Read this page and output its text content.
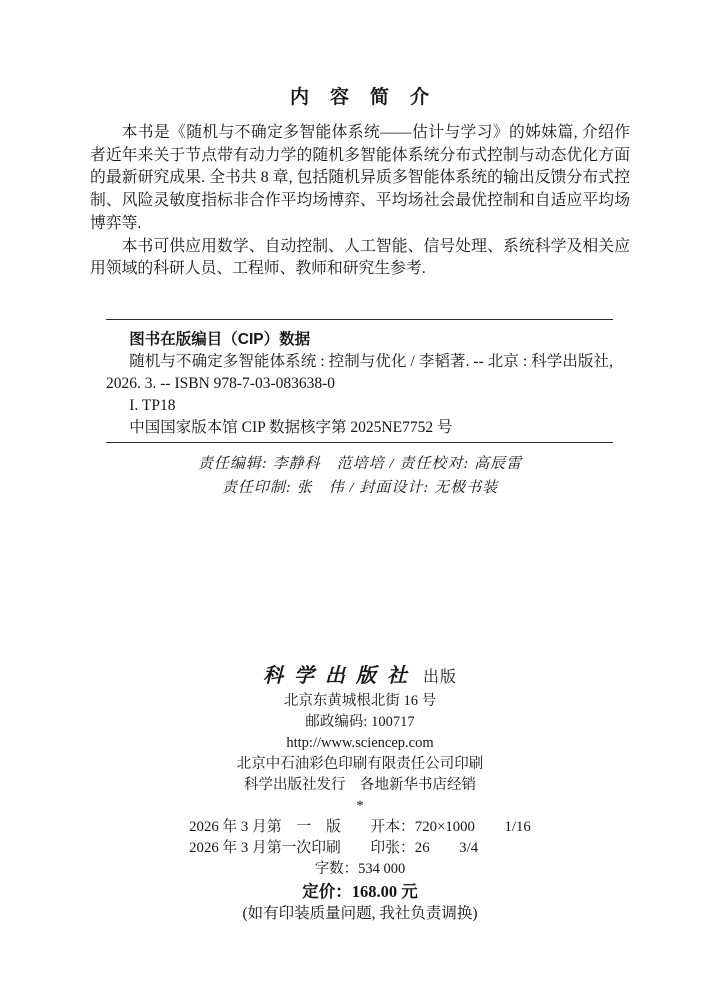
内　容　简　介

本书是《随机与不确定多智能体系统——估计与学习》的姊妹篇, 介绍作者近年来关于节点带有动力学的随机多智能体系统分布式控制与动态优化方面的最新研究成果. 全书共 8 章, 包括随机异质多智能体系统的输出反馈分布式控制、风险灵敏度指标非合作平均场博弈、平均场社会最优控制和自适应平均场博弈等.

本书可供应用数学、自动控制、人工智能、信号处理、系统科学及相关应用领域的科研人员、工程师、教师和研究生参考.

图书在版编目（CIP）数据

随机与不确定多智能体系统 : 控制与优化 / 李韬著. -- 北京 : 科学出版社, 2026. 3. -- ISBN 978-7-03-083638-0

I. TP18

中国国家版本馆 CIP 数据核字第 2025NE7752 号

责任编辑: 李静科　范培培 / 责任校对: 高辰雷

责任印制: 张　伟 / 封面设计: 无极书装

科学出版社 出版

北京东黄城根北街 16 号

邮政编码: 100717

http://www.sciencep.com

北京中石油彩色印刷有限责任公司印刷

科学出版社发行　各地新华书店经销

*

2026 年 3 月第　一　版　　开本：720×1000　　1/16

2026 年 3 月第一次印刷　　印张：26　　3/4

字数：534 000

定价：168.00 元

(如有印装质量问题, 我社负责调换)
